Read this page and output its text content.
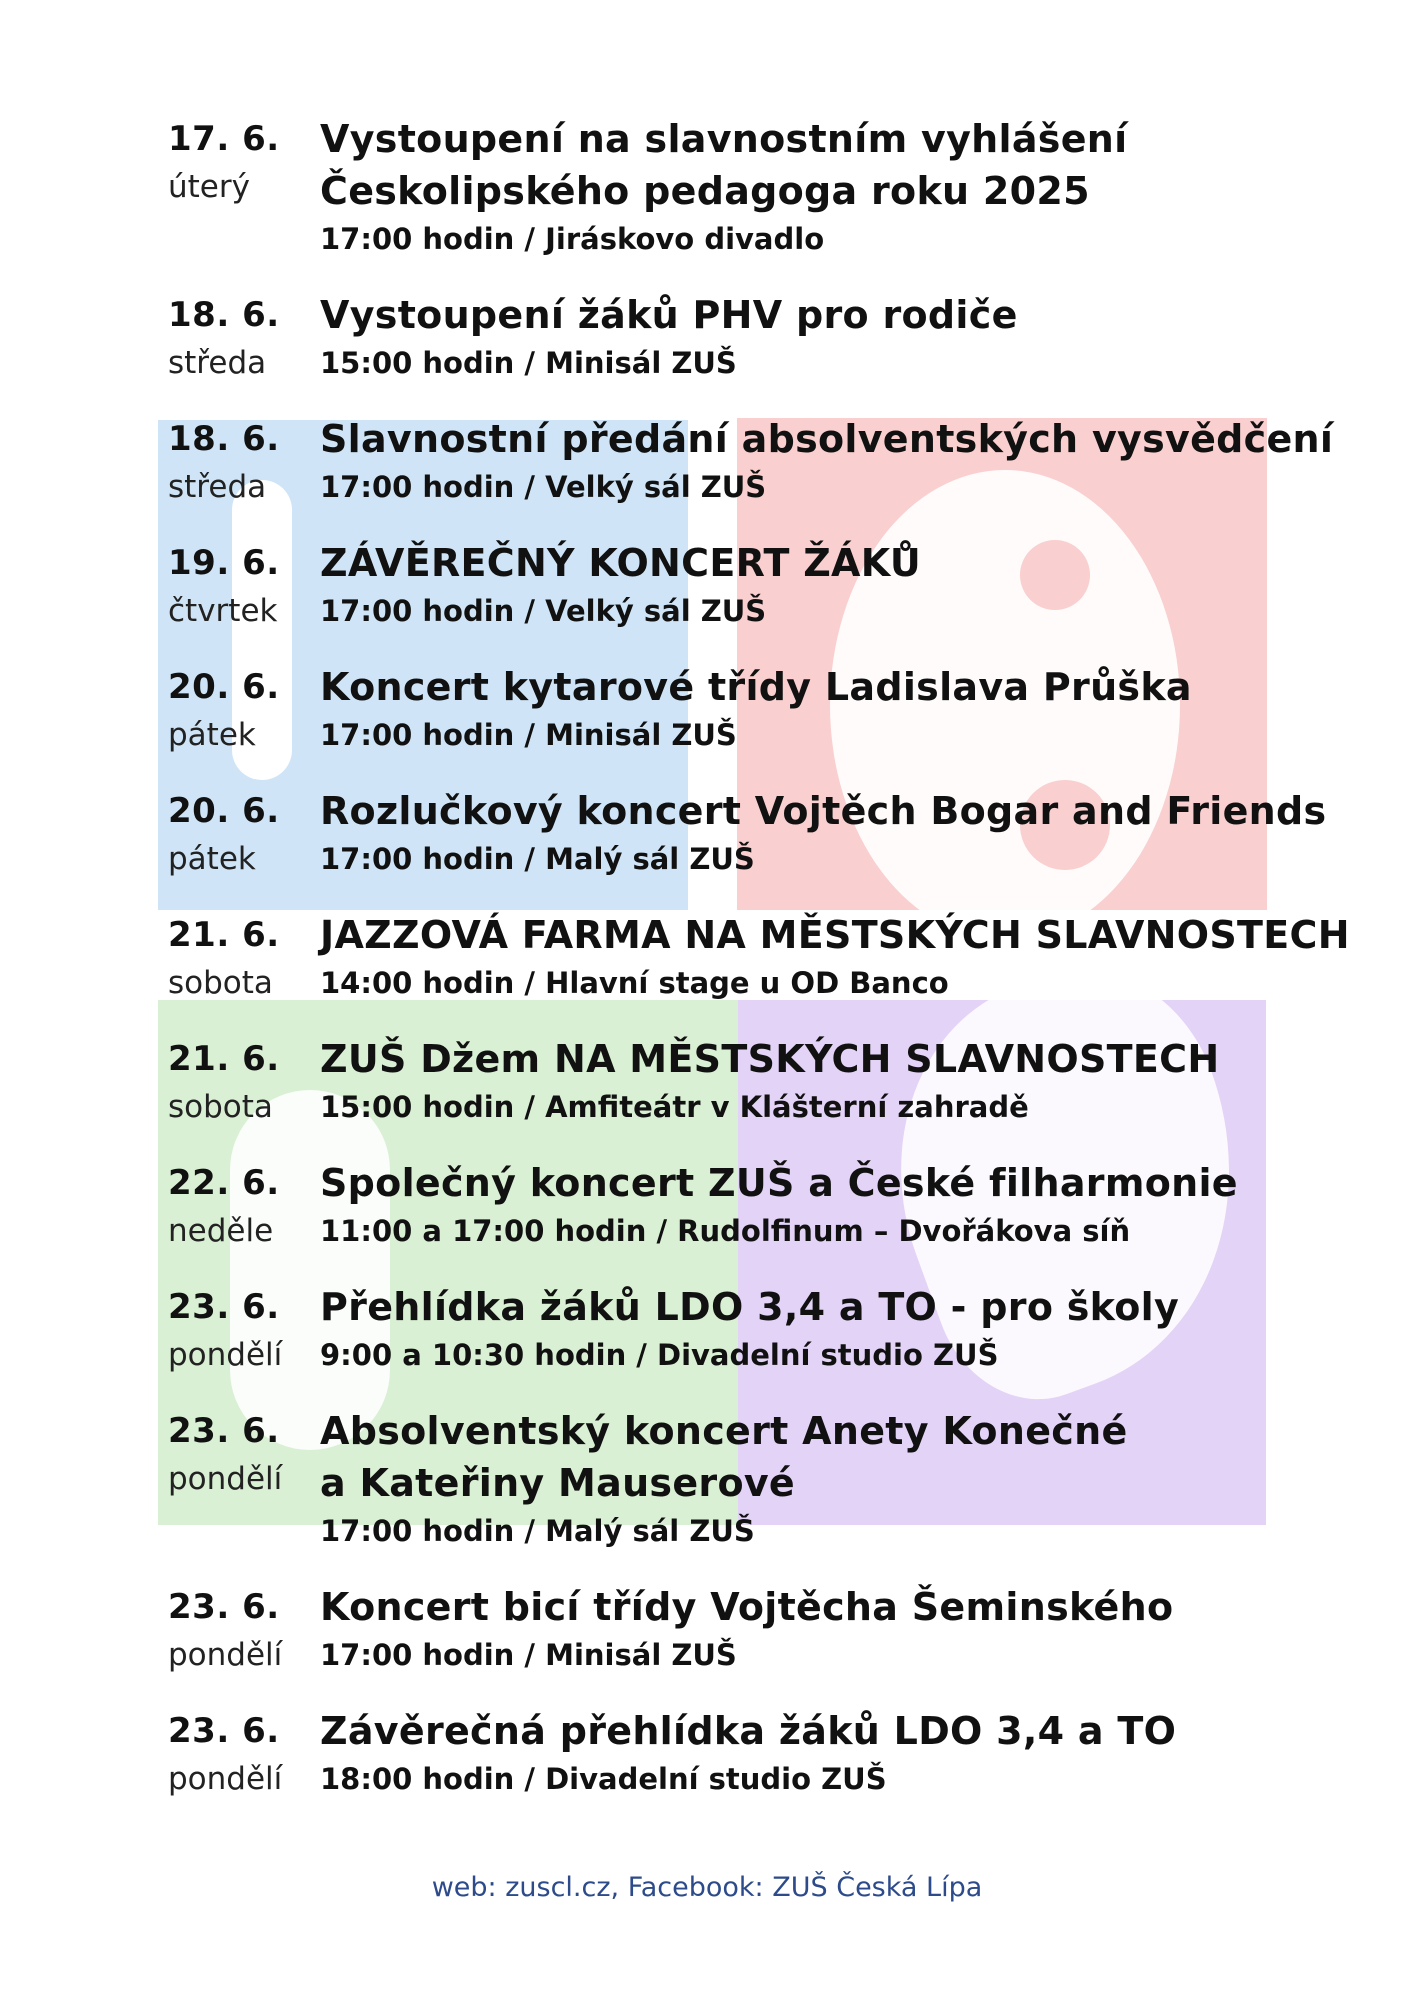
17. 6.
úterý
Vystoupení na slavnostním vyhlášení
Českolipského pedagoga roku 2025
17:00 hodin / Jiráskovo divadlo
18. 6.
středa
Vystoupení žáků PHV pro rodiče
15:00 hodin / Minisál ZUŠ
18. 6.
středa
Slavnostní předání absolventských vysvědčení
17:00 hodin / Velký sál ZUŠ
19. 6.
čtvrtek
ZÁVĚREČNÝ KONCERT ŽÁKŮ
17:00 hodin / Velký sál ZUŠ
20. 6.
pátek
Koncert kytarové třídy Ladislava Průška
17:00 hodin / Minisál ZUŠ
20. 6.
pátek
Rozlučkový koncert Vojtěch Bogar and Friends
17:00 hodin / Malý sál ZUŠ
21. 6.
sobota
JAZZOVÁ FARMA NA MĚSTSKÝCH SLAVNOSTECH
14:00 hodin / Hlavní stage u OD Banco
21. 6.
sobota
ZUŠ Džem NA MĚSTSKÝCH SLAVNOSTECH
15:00 hodin / Amfiteátr v Klášterní zahradě
22. 6.
neděle
Společný koncert ZUŠ a České filharmonie
11:00 a 17:00 hodin / Rudolfinum – Dvořákova síň
23. 6.
pondělí
Přehlídka žáků LDO 3,4 a TO - pro školy
9:00 a 10:30 hodin / Divadelní studio ZUŠ
23. 6.
pondělí
Absolventský koncert Anety Konečné
a Kateřiny Mauserové
17:00 hodin / Malý sál ZUŠ
23. 6.
pondělí
Koncert bicí třídy Vojtěcha Šeminského
17:00 hodin / Minisál ZUŠ
23. 6.
pondělí
Závěrečná přehlídka žáků LDO 3,4 a TO
18:00 hodin / Divadelní studio ZUŠ
web: zuscl.cz, Facebook: ZUŠ Česká Lípa
